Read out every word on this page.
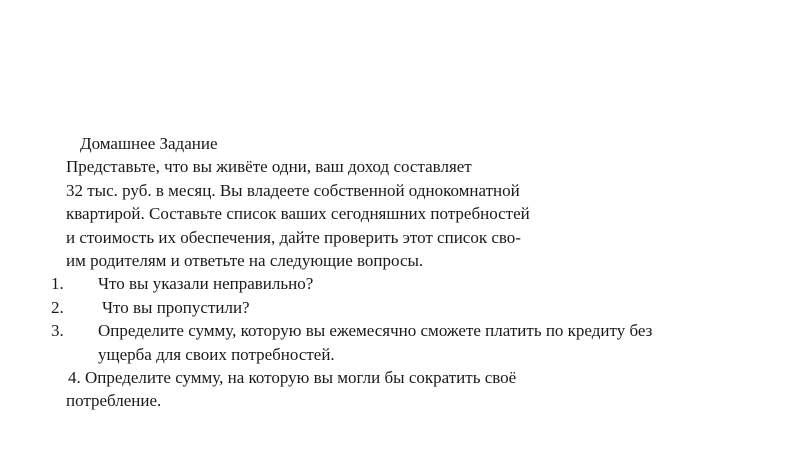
Домашнее Задание
Представьте, что вы живёте одни, ваш доход составляет
32 тыс. руб. в месяц. Вы владеете собственной однокомнатной
квартирой. Составьте список ваших сегодняшних потребностей
и стоимость их обеспечения, дайте проверить этот список сво-
им родителям и ответьте на следующие вопросы.
1. Что вы указали неправильно?
2. Что вы пропустили?
3. Определите сумму, которую вы ежемесячно сможете платить по кредиту без
ущерба для своих потребностей.
4. Определите сумму, на которую вы могли бы сократить своё
потребление.
